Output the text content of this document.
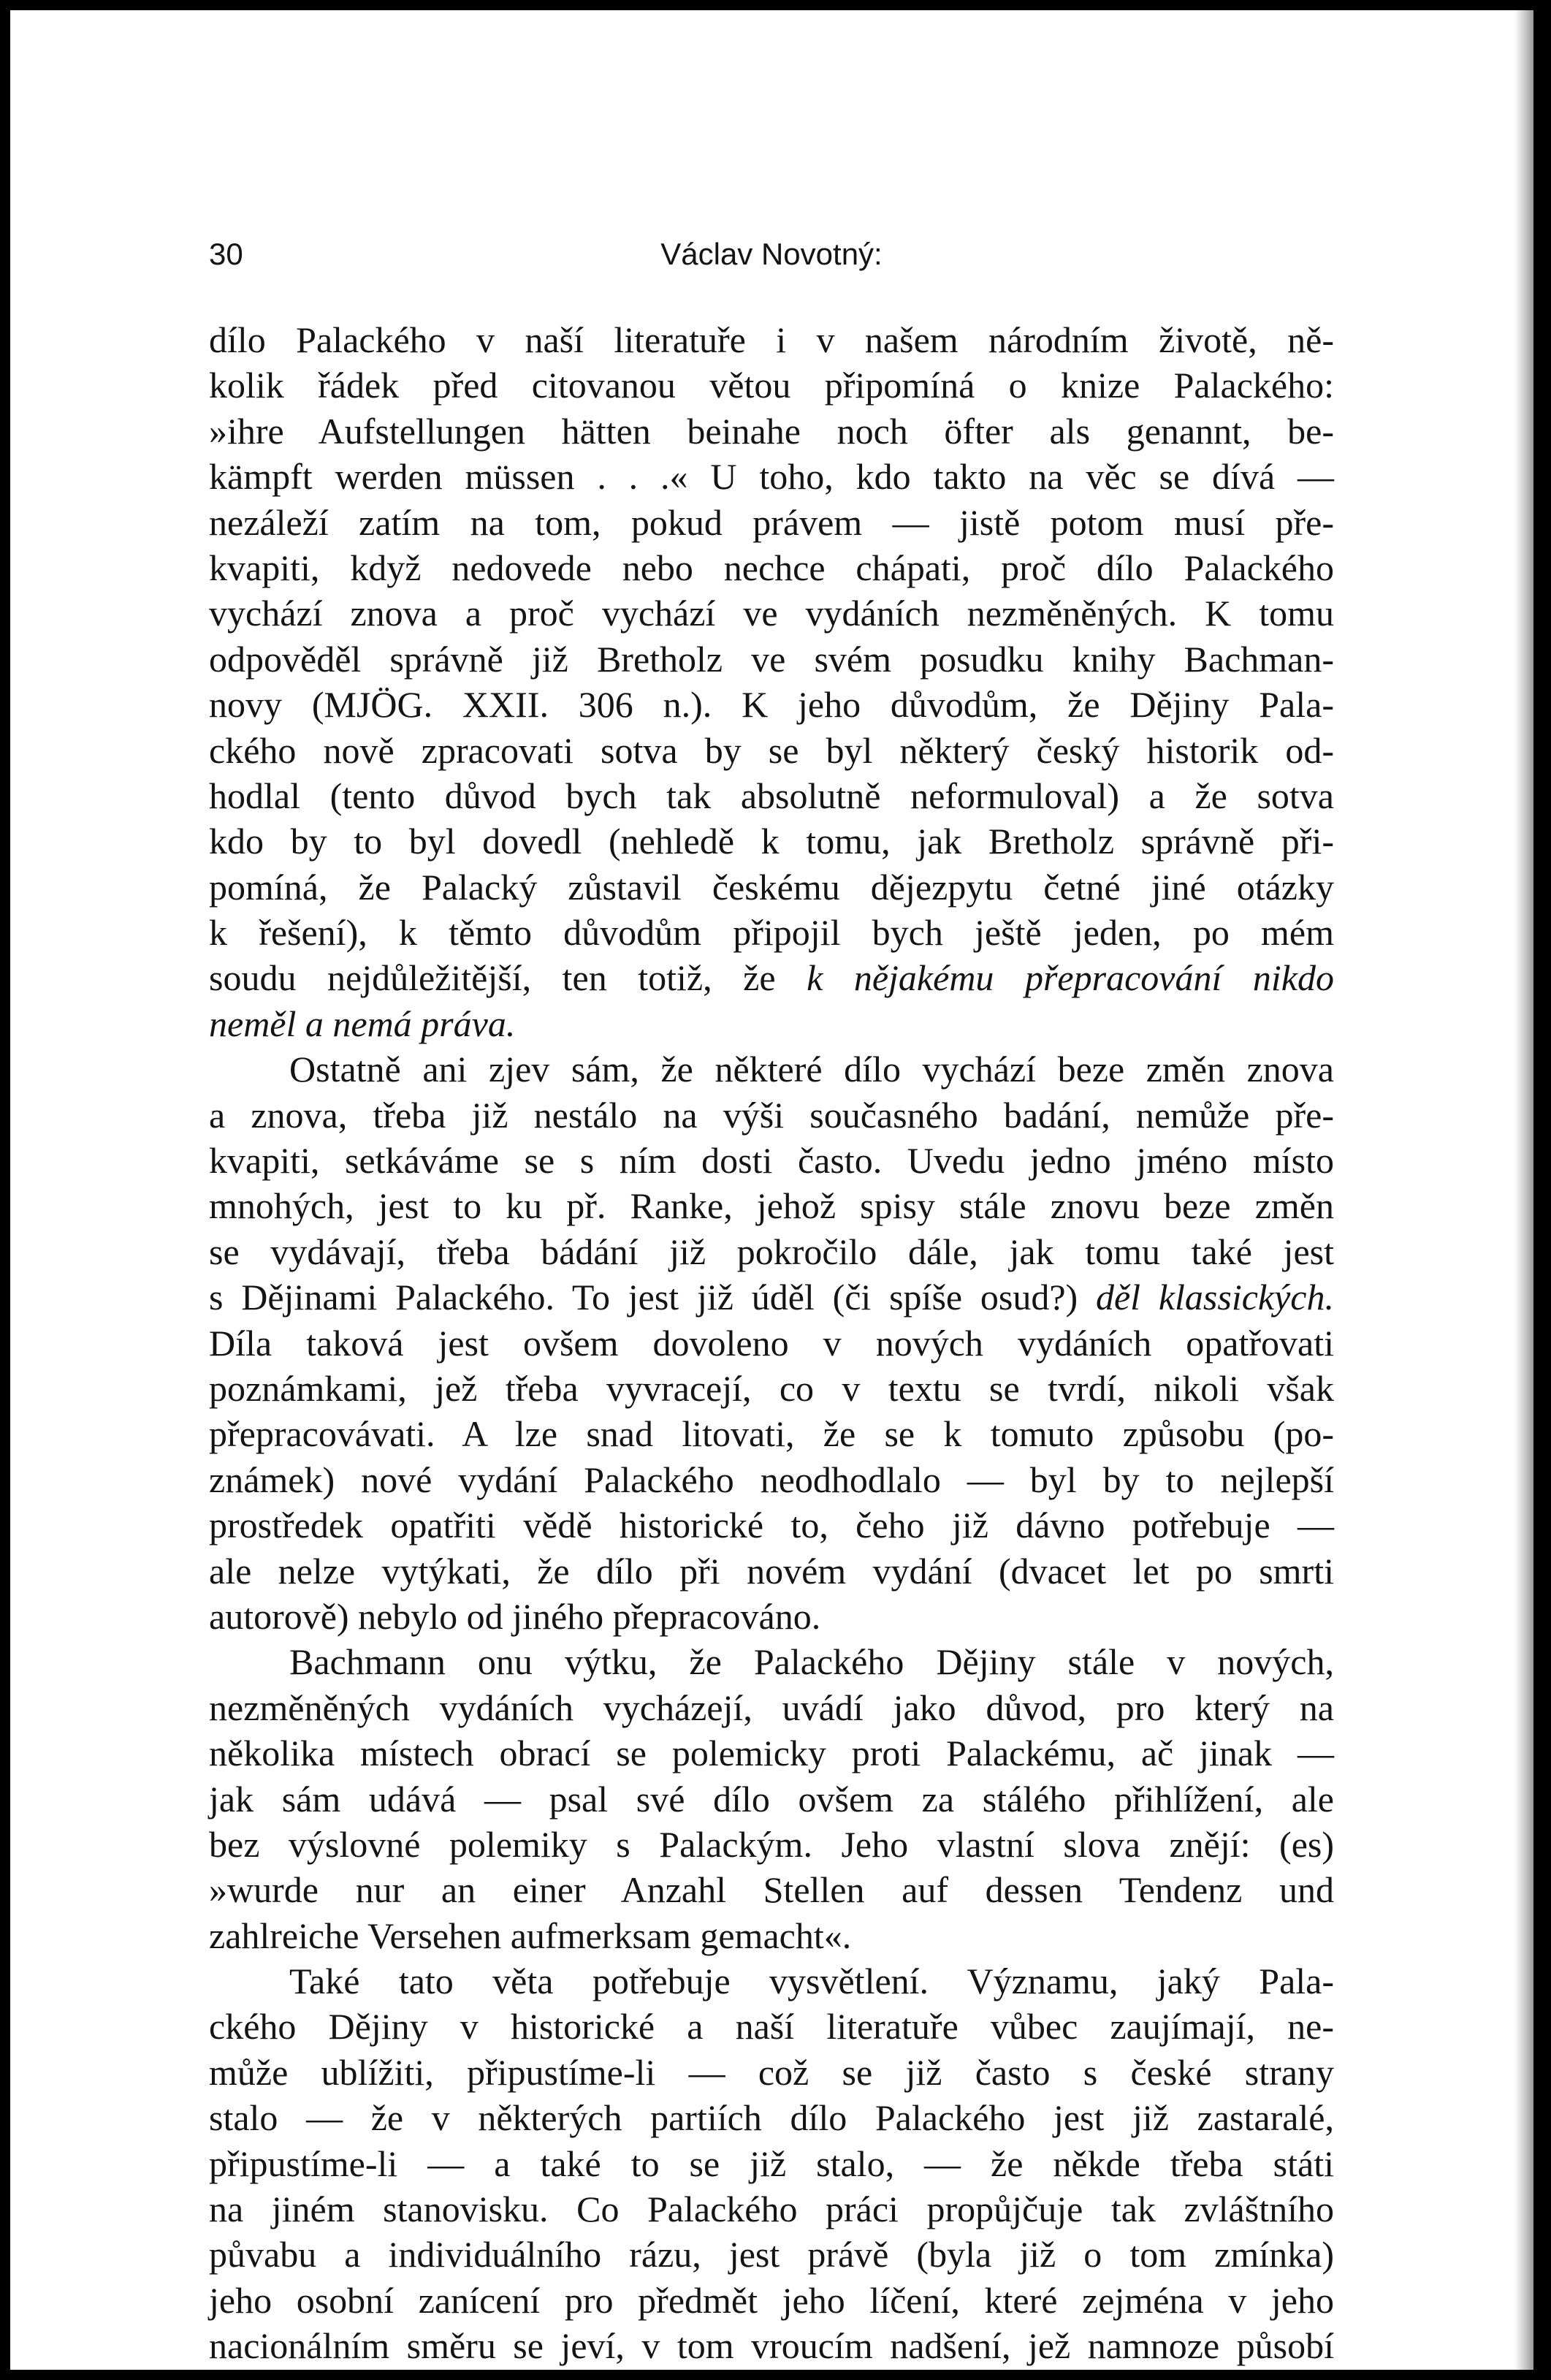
30	Václav Novotný:
dílo Palackého v naší literatuře i v našem národním životě, ně-
kolik řádek před citovanou větou připomíná o knize Palackého:
»ihre Aufstellungen hätten beinahe noch öfter als genannt, be-
kämpft werden müssen . . .« U toho, kdo takto na věc se dívá —
nezáleží zatím na tom, pokud právem — jistě potom musí pře-
kvapiti, když nedovede nebo nechce chápati, proč dílo Palackého
vychází znova a proč vychází ve vydáních nezměněných. K tomu
odpověděl správně již Bretholz ve svém posudku knihy Bachman-
novy (MJÖG. XXII. 306 n.). K jeho důvodům, že Dějiny Pala-
ckého nově zpracovati sotva by se byl některý český historik od-
hodlal (tento důvod bych tak absolutně neformuloval) a že sotva
kdo by to byl dovedl (nehledě k tomu, jak Bretholz správně při-
pomíná, že Palacký zůstavil českému dějezpytu četné jiné otázky
k řešení), k těmto důvodům připojil bych ještě jeden, po mém
soudu nejdůležitější, ten totiž, že k nějakému přepracování nikdo
neměl a nemá práva.
Ostatně ani zjev sám, že některé dílo vychází beze změn znova
a znova, třeba již nestálo na výši současného badání, nemůže pře-
kvapiti, setkáváme se s ním dosti často. Uvedu jedno jméno místo
mnohých, jest to ku př. Ranke, jehož spisy stále znovu beze změn
se vydávají, třeba bádání již pokročilo dále, jak tomu také jest
s Dějinami Palackého. To jest již úděl (či spíše osud?) děl klassických.
Díla taková jest ovšem dovoleno v nových vydáních opatřovati
poznámkami, jež třeba vyvracejí, co v textu se tvrdí, nikoli však
přepracovávati. A lze snad litovati, že se k tomuto způsobu (po-
známek) nové vydání Palackého neodhodlalo — byl by to nejlepší
prostředek opatřiti vědě historické to, čeho již dávno potřebuje —
ale nelze vytýkati, že dílo při novém vydání (dvacet let po smrti
autorově) nebylo od jiného přepracováno.
Bachmann onu výtku, že Palackého Dějiny stále v nových,
nezměněných vydáních vycházejí, uvádí jako důvod, pro který na
několika místech obrací se polemicky proti Palackému, ač jinak —
jak sám udává — psal své dílo ovšem za stálého přihlížení, ale
bez výslovné polemiky s Palackým. Jeho vlastní slova znějí: (es)
»wurde nur an einer Anzahl Stellen auf dessen Tendenz und
zahlreiche Versehen aufmerksam gemacht«.
Také tato věta potřebuje vysvětlení. Významu, jaký Pala-
ckého Dějiny v historické a naší literatuře vůbec zaujímají, ne-
může ublížiti, připustíme-li — což se již často s české strany
stalo — že v některých partiích dílo Palackého jest již zastaralé,
připustíme-li — a také to se již stalo, — že někde třeba státi
na jiném stanovisku. Co Palackého práci propůjčuje tak zvláštního
půvabu a individuálního rázu, jest právě (byla již o tom zmínka)
jeho osobní zanícení pro předmět jeho líčení, které zejména v jeho
nacionálním směru se jeví, v tom vroucím nadšení, jež namnoze působí
